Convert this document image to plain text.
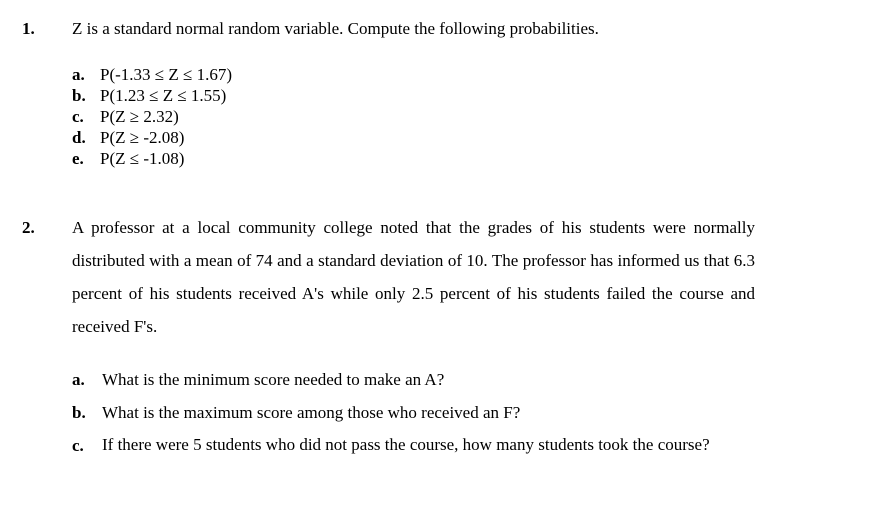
1. Z is a standard normal random variable. Compute the following probabilities.
a. P(-1.33 ≤ Z ≤ 1.67)
b. P(1.23 ≤ Z ≤ 1.55)
c. P(Z ≥ 2.32)
d. P(Z ≥ -2.08)
e. P(Z ≤ -1.08)
2. A professor at a local community college noted that the grades of his students were normally distributed with a mean of 74 and a standard deviation of 10. The professor has informed us that 6.3 percent of his students received A's while only 2.5 percent of his students failed the course and received F's.
a. What is the minimum score needed to make an A?
b. What is the maximum score among those who received an F?
c. If there were 5 students who did not pass the course, how many students took the course?
